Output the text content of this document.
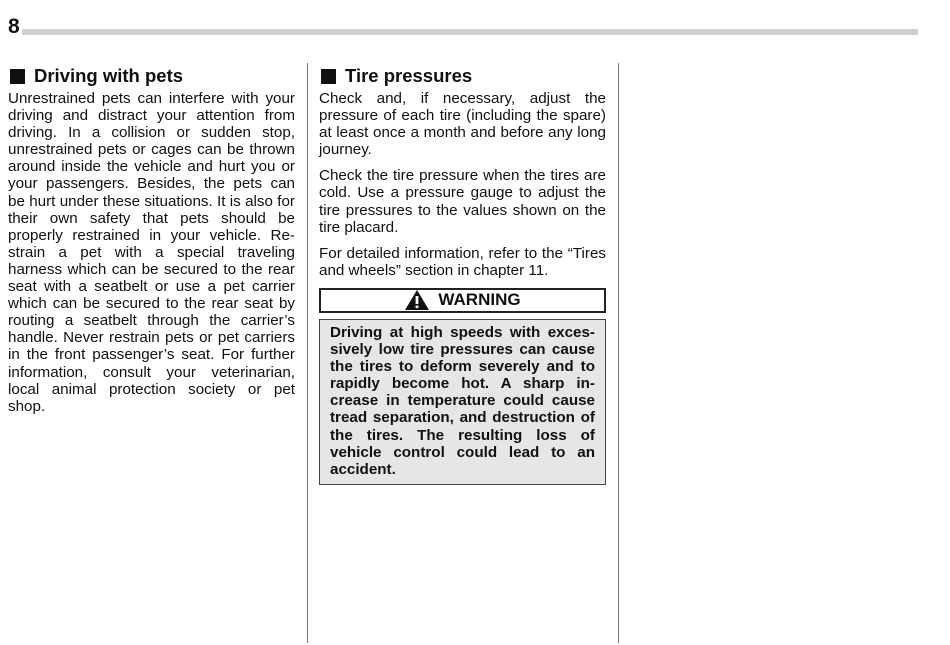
8
Driving with pets

Unrestrained pets can interfere with your driving and distract your attention from driving. In a collision or sudden stop, unrestrained pets or cages can be thrown around inside the vehicle and hurt you or your passengers. Besides, the pets can be hurt under these situations. It is also for their own safety that pets should be properly restrained in your vehicle. Re-strain a pet with a special traveling harness which can be secured to the rear seat with a seatbelt or use a pet carrier which can be secured to the rear seat by routing a seatbelt through the carrier’s handle. Never restrain pets or pet carriers in the front passenger’s seat. For further information, consult your veterinarian, local animal protection society or pet shop.

Tire pressures

Check and, if necessary, adjust the pressure of each tire (including the spare) at least once a month and before any long journey.

Check the tire pressure when the tires are cold. Use a pressure gauge to adjust the tire pressures to the values shown on the tire placard.

For detailed information, refer to the “Tires and wheels” section in chapter 11.

WARNING
Driving at high speeds with exces-sively low tire pressures can cause the tires to deform severely and to rapidly become hot. A sharp in-crease in temperature could cause tread separation, and destruction of the tires. The resulting loss of vehicle control could lead to an accident.
